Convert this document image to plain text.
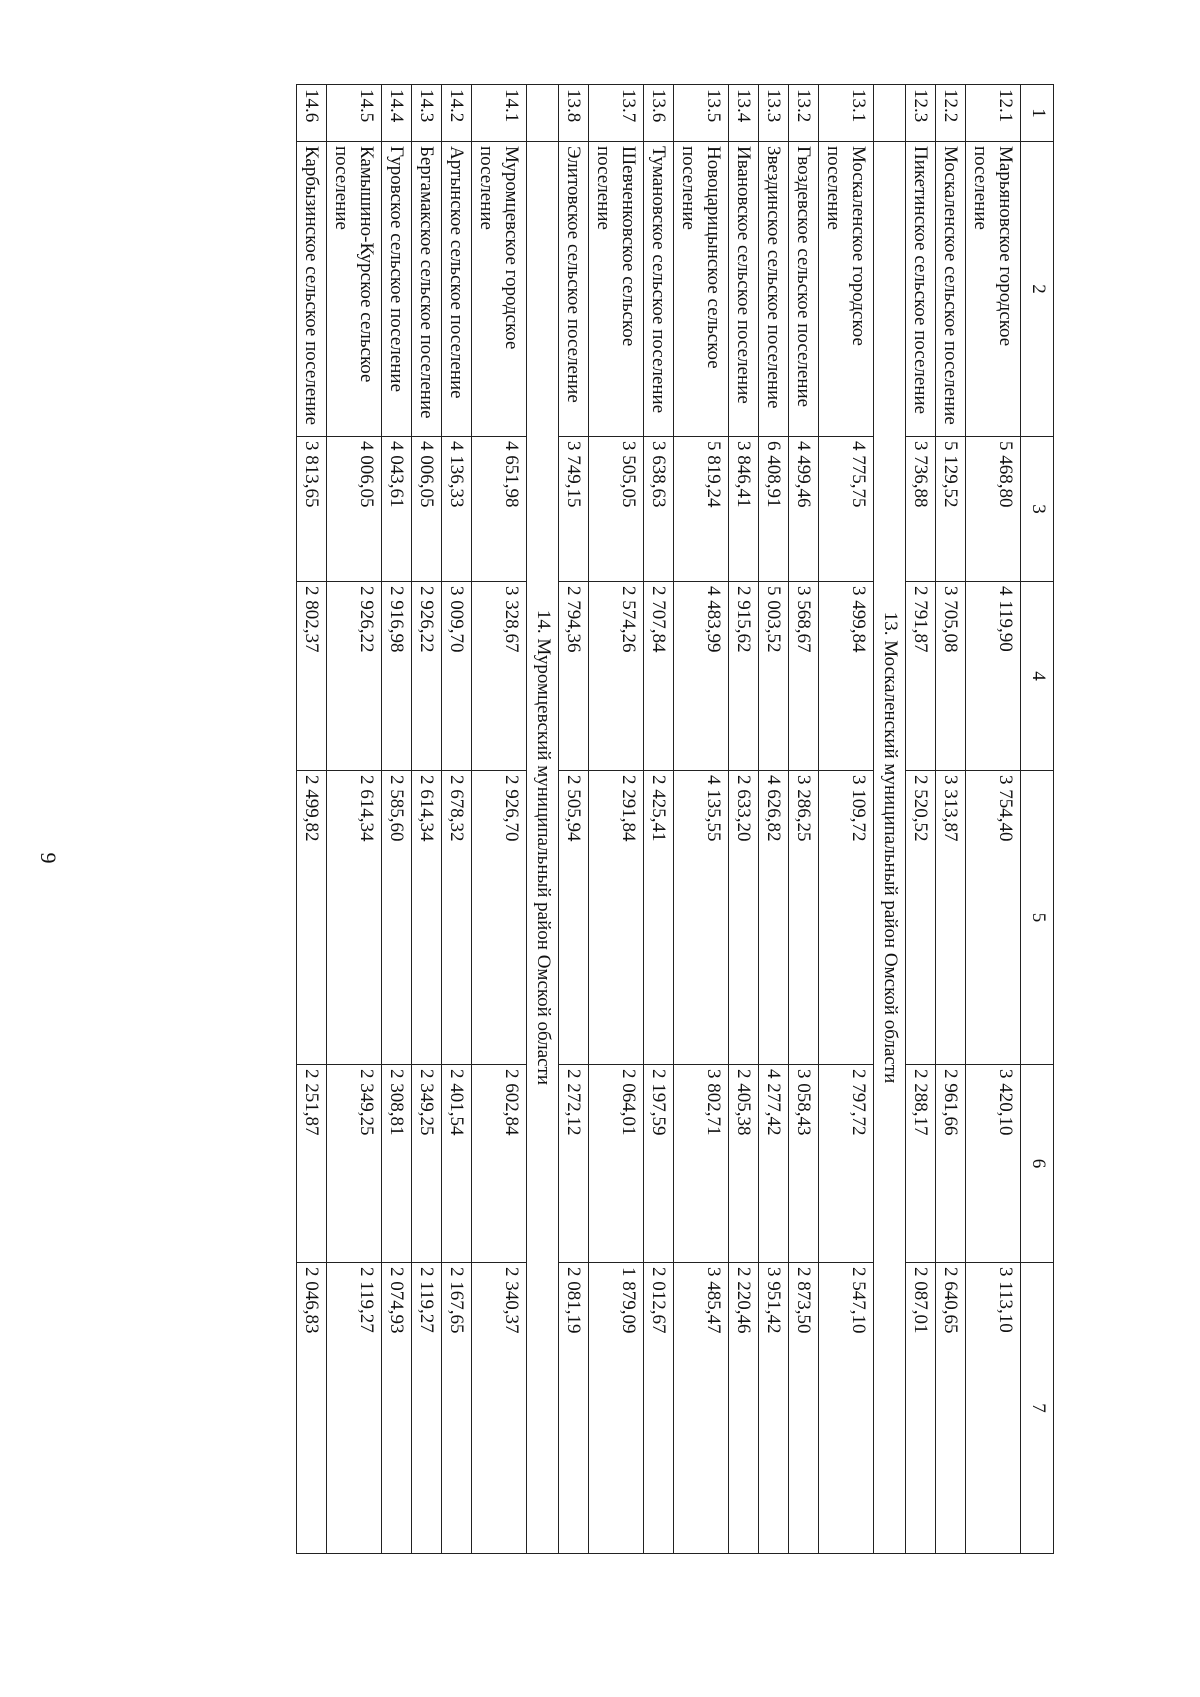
9
1	2	3	4	5	6	7
12.1	Марьяновское городское поселение	5 468,80	4 119,90	3 754,40	3 420,10	3 113,10
12.2	Москаленское сельское поселение	5 129,52	3 705,08	3 313,87	2 961,66	2 640,65
12.3	Пикетинское сельское поселение	3 736,88	2 791,87	2 520,52	2 288,17	2 087,01
	13. Москаленский муниципальный район Омской области					
13.1	Москаленское городское поселение	4 775,75	3 499,84	3 109,72	2 797,72	2 547,10
13.2	Гвоздевское сельское поселение	4 499,46	3 568,67	3 286,25	3 058,43	2 873,50
13.3	Звездинское сельское поселение	6 408,91	5 003,52	4 626,82	4 277,42	3 951,42
13.4	Ивановское сельское поселение	3 846,41	2 915,62	2 633,20	2 405,38	2 220,46
13.5	Новоцарицынское сельское поселение	5 819,24	4 483,99	4 135,55	3 802,71	3 485,47
13.6	Тумановское сельское поселение	3 638,63	2 707,84	2 425,41	2 197,59	2 012,67
13.7	Шевченковское сельское поселение	3 505,05	2 574,26	2 291,84	2 064,01	1 879,09
13.8	Элитовское сельское поселение	3 749,15	2 794,36	2 505,94	2 272,12	2 081,19
	14. Муромцевский муниципальный район Омской области					
14.1	Муромцевское городское поселение	4 651,98	3 328,67	2 926,70	2 602,84	2 340,37
14.2	Артынское сельское поселение	4 136,33	3 009,70	2 678,32	2 401,54	2 167,65
14.3	Бергамакское сельское поселение	4 006,05	2 926,22	2 614,34	2 349,25	2 119,27
14.4	Гуровское сельское поселение	4 043,61	2 916,98	2 585,60	2 308,81	2 074,93
14.5	Камышино-Курское сельское поселение	4 006,05	2 926,22	2 614,34	2 349,25	2 119,27
14.6	Карбызинское сельское поселение	3 813,65	2 802,37	2 499,82	2 251,87	2 046,83
